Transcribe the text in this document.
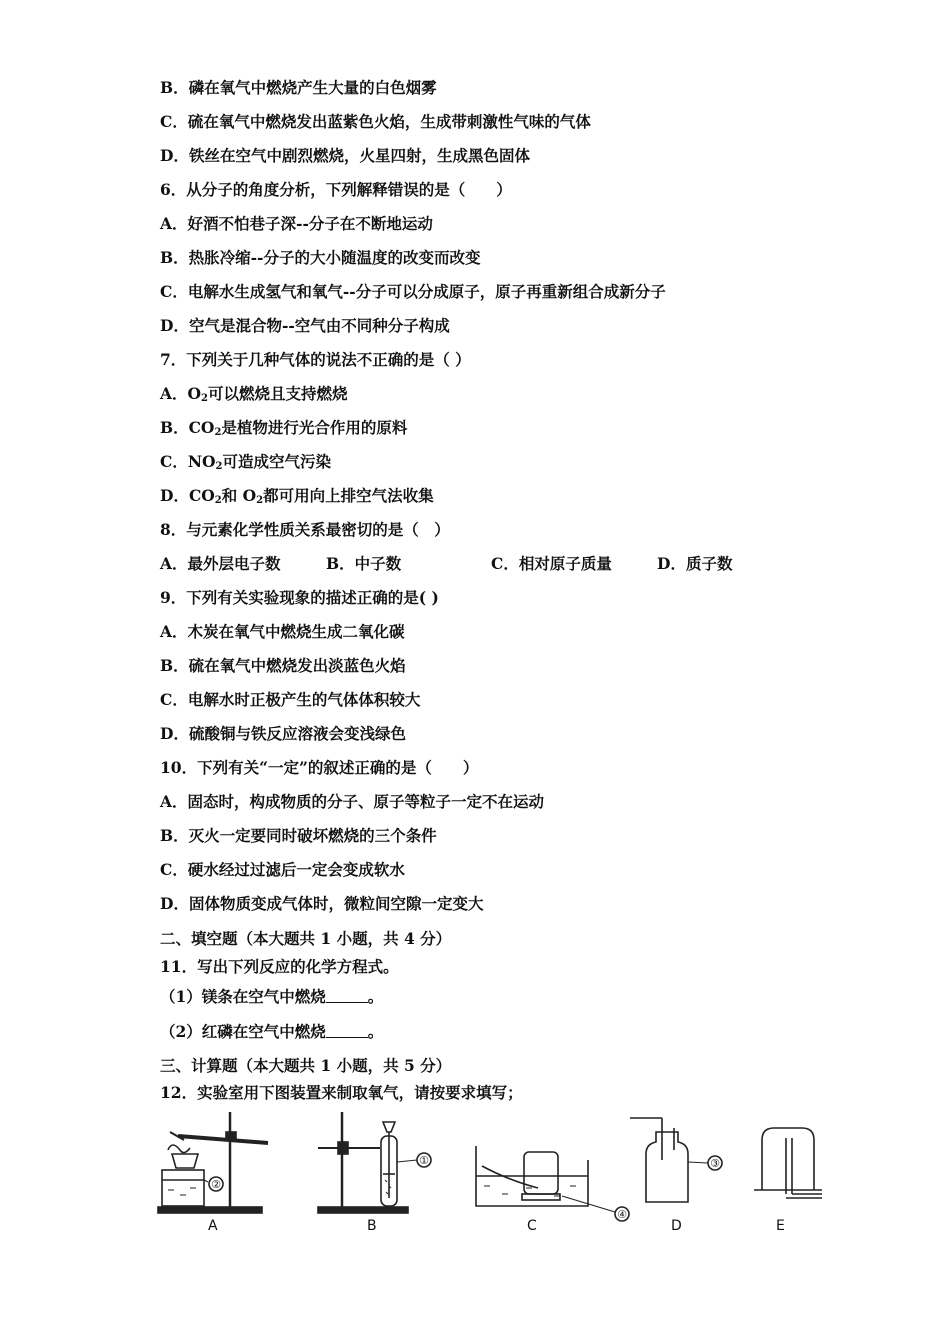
B．磷在氧气中燃烧产生大量的白色烟雾
C．硫在氧气中燃烧发出蓝紫色火焰，生成带刺激性气味的气体
D．铁丝在空气中剧烈燃烧，火星四射，生成黑色固体
6．从分子的角度分析，下列解释错误的是（　　）
A．好酒不怕巷子深--分子在不断地运动
B．热胀冷缩--分子的大小随温度的改变而改变
C．电解水生成氢气和氧气--分子可以分成原子，原子再重新组合成新分子
D．空气是混合物--空气由不同种分子构成
7．下列关于几种气体的说法不正确的是（ ）
A．$O_2$可以燃烧且支持燃烧
B．$CO_2$是植物进行光合作用的原料
C．$NO_2$可造成空气污染
D．$CO_2$和 $O_2$都可用向上排空气法收集
8．与元素化学性质关系最密切的是（　）
A．最外层电子数	B．中子数	C．相对原子质量	D．质子数
9．下列有关实验现象的描述正确的是( )
A．木炭在氧气中燃烧生成二氧化碳
B．硫在氧气中燃烧发出淡蓝色火焰
C．电解水时正极产生的气体体积较大
D．硫酸铜与铁反应溶液会变浅绿色
10．下列有关“一定”的叙述正确的是（　　）
A．固态时，构成物质的分子、原子等粒子一定不在运动
B．灭火一定要同时破坏燃烧的三个条件
C．硬水经过过滤后一定会变成软水
D．固体物质变成气体时，微粒间空隙一定变大
二、填空题（本大题共 1 小题，共 4 分）
11．写出下列反应的化学方程式。
（1）镁条在空气中燃烧	。
（2）红磷在空气中燃烧	。
三、计算题（本大题共 1 小题，共 5 分）
12．实验室用下图装置来制取氧气，请按要求填写；
②
①	③
④
A	B	C	D	E
